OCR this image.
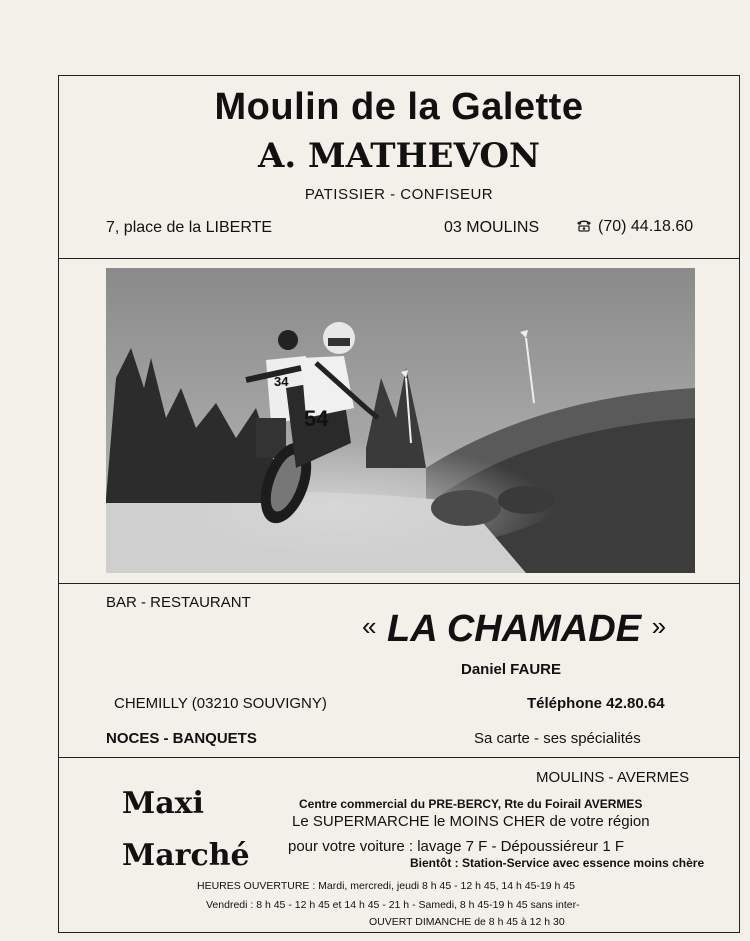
Moulin de la Galette
A. MATHEVON
PATISSIER - CONFISEUR
7, place de la LIBERTE	03 MOULINS	(70) 44.18.60
34
54
BAR - RESTAURANT
« LA CHAMADE »
Daniel FAURE
CHEMILLY (03210 SOUVIGNY)	Téléphone 42.80.64
NOCES - BANQUETS	Sa carte - ses spécialités
Maxi
Marché
MOULINS - AVERMES
Centre commercial du PRE-BERCY, Rte du Foirail AVERMES
Le SUPERMARCHE le MOINS CHER de votre région
pour votre voiture : lavage 7 F - Dépoussiéreur 1 F
Bientôt : Station-Service avec essence moins chère
HEURES OUVERTURE : Mardi, mercredi, jeudi 8 h 45 - 12 h 45, 14 h 45-19 h 45
Vendredi : 8 h 45 - 12 h 45 et 14 h 45 - 21 h - Samedi, 8 h 45-19 h 45 sans inter-
OUVERT DIMANCHE de 8 h 45 à 12 h 30
